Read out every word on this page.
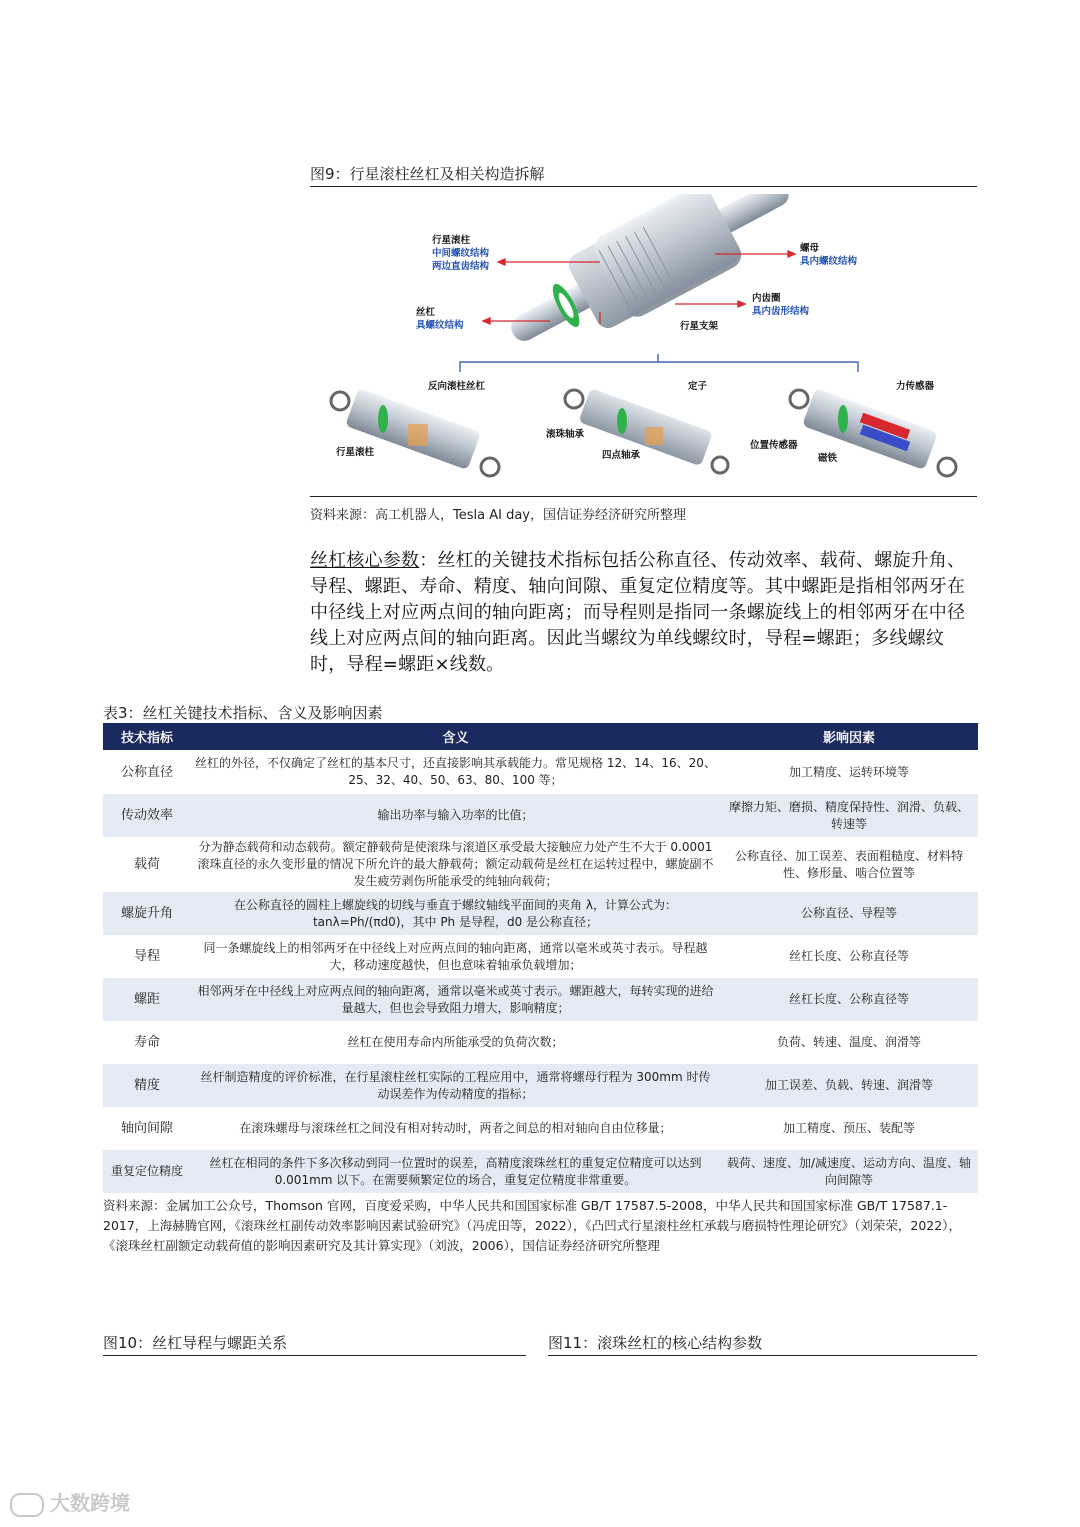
图9：行星滚柱丝杠及相关构造拆解
行星滚柱
中间螺纹结构
两边直齿结构
螺母
具内螺纹结构
丝杠
具螺纹结构
内齿圈
具内齿形结构
行星支架
反向滚柱丝杠
行星滚柱
定子
滚珠轴承
四点轴承
力传感器
位置传感器
磁铁
资料来源：高工机器人，Tesla AI day，国信证券经济研究所整理
丝杠核心参数：丝杠的关键技术指标包括公称直径、传动效率、载荷、螺旋升角、导程、螺距、寿命、精度、轴向间隙、重复定位精度等。其中螺距是指相邻两牙在中径线上对应两点间的轴向距离；而导程则是指同一条螺旋线上的相邻两牙在中径线上对应两点间的轴向距离。因此当螺纹为单线螺纹时，导程=螺距；多线螺纹时，导程=螺距×线数。
表3：丝杠关键技术指标、含义及影响因素
技术指标	含义	影响因素
公称直径	丝杠的外径，不仅确定了丝杠的基本尺寸，还直接影响其承载能力。常见规格 12、14、16、20、25、32、40、50、63、80、100 等；	加工精度、运转环境等
传动效率	输出功率与输入功率的比值；	摩擦力矩、磨损、精度保持性、润滑、负载、转速等
载荷	分为静态载荷和动态载荷。额定静载荷是使滚珠与滚道区承受最大接触应力处产生不大于 0.0001 滚珠直径的永久变形量的情况下所允许的最大静载荷；额定动载荷是丝杠在运转过程中，螺旋副不发生疲劳剥伤所能承受的纯轴向载荷；	公称直径、加工误差、表面粗糙度、材料特性、修形量、啮合位置等
螺旋升角	在公称直径的圆柱上螺旋线的切线与垂直于螺纹轴线平面间的夹角 λ，计算公式为：tanλ=Ph/(πd0)，其中 Ph 是导程，d0 是公称直径；	公称直径、导程等
导程	同一条螺旋线上的相邻两牙在中径线上对应两点间的轴向距离，通常以毫米或英寸表示。导程越大，移动速度越快，但也意味着轴承负载增加；	丝杠长度、公称直径等
螺距	相邻两牙在中径线上对应两点间的轴向距离，通常以毫米或英寸表示。螺距越大，每转实现的进给量越大，但也会导致阻力增大，影响精度；	丝杠长度、公称直径等
寿命	丝杠在使用寿命内所能承受的负荷次数；	负荷、转速、温度、润滑等
精度	丝杆制造精度的评价标准，在行星滚柱丝杠实际的工程应用中，通常将螺母行程为 300mm 时传动误差作为传动精度的指标；	加工误差、负载、转速、润滑等
轴向间隙	在滚珠螺母与滚珠丝杠之间没有相对转动时，两者之间总的相对轴向自由位移量；	加工精度、预压、装配等
重复定位精度	丝杠在相同的条件下多次移动到同一位置时的误差，高精度滚珠丝杠的重复定位精度可以达到 0.001mm 以下。在需要频繁定位的场合，重复定位精度非常重要。	载荷、速度、加/减速度、运动方向、温度、轴向间隙等
资料来源：金属加工公众号，Thomson 官网，百度爱采购，中华人民共和国国家标准 GB/T 17587.5-2008，中华人民共和国国家标准 GB/T 17587.1-2017，上海赫腾官网，《滚珠丝杠副传动效率影响因素试验研究》（冯虎田等，2022），《凸凹式行星滚柱丝杠承载与磨损特性理论研究》（刘荣荣，2022），《滚珠丝杠副额定动载荷值的影响因素研究及其计算实现》（刘波，2006），国信证券经济研究所整理
图10：丝杠导程与螺距关系	图11：滚珠丝杠的核心结构参数
大数跨境
